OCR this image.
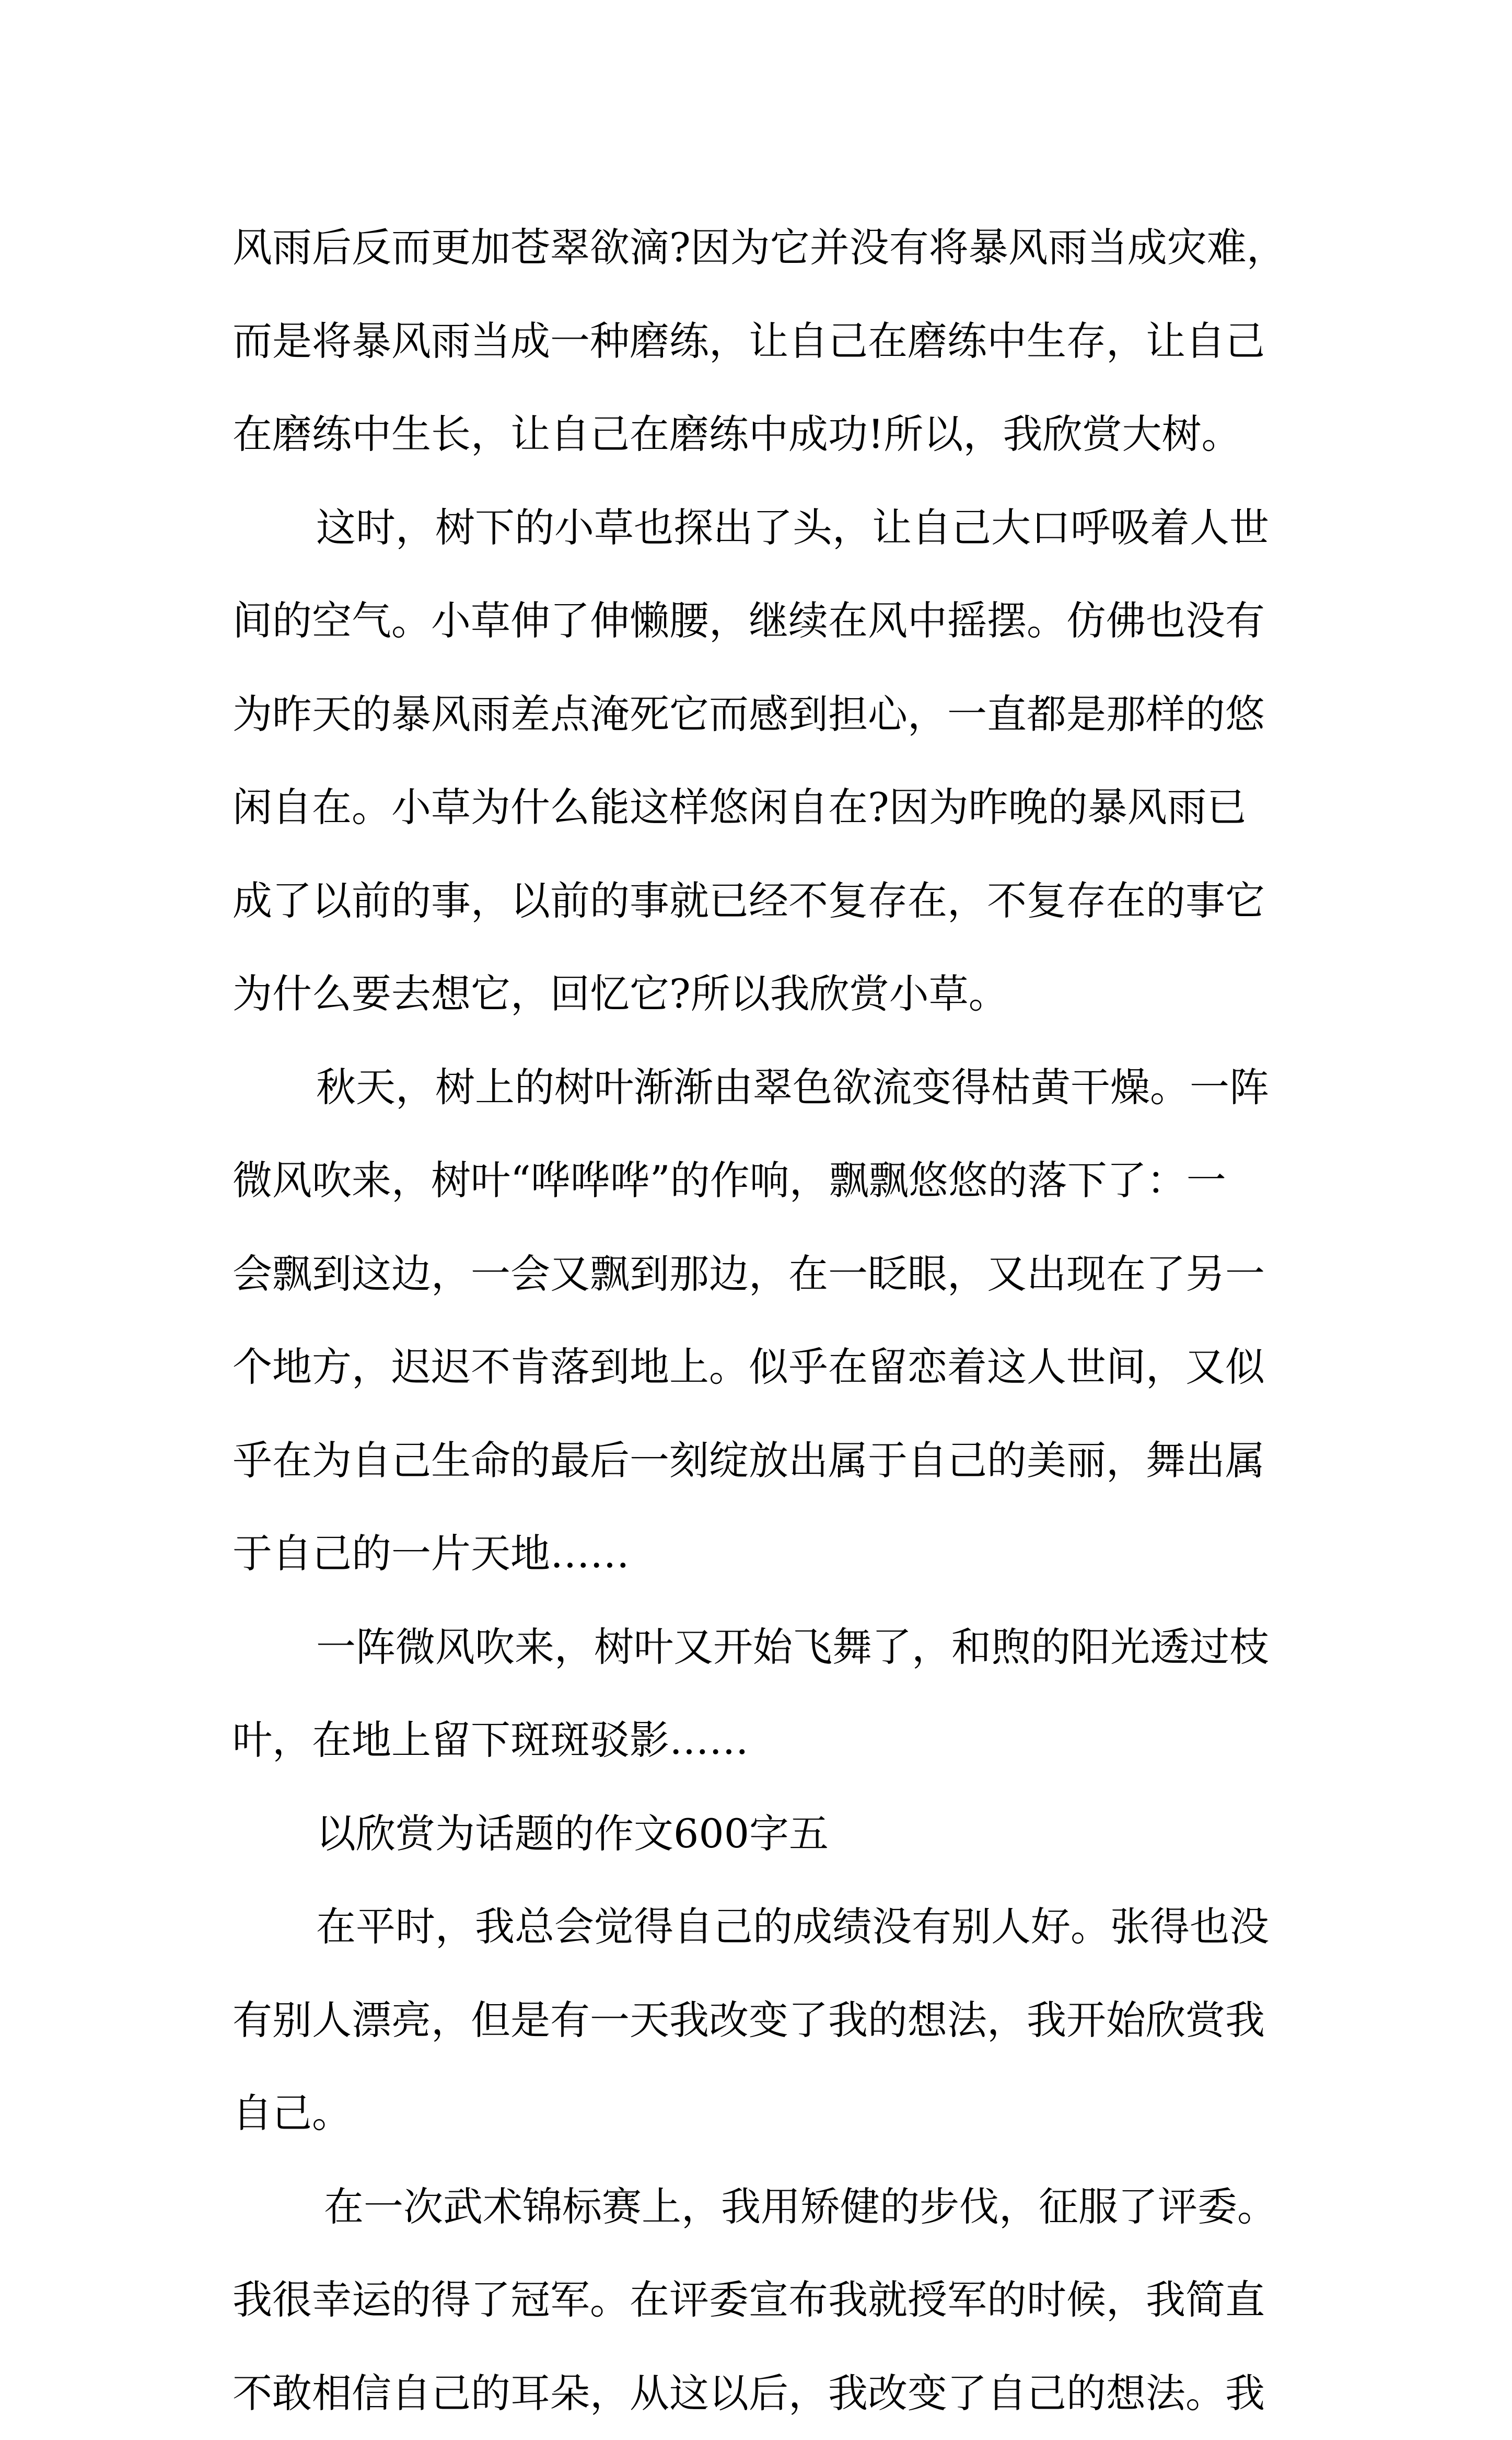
风雨后反而更加苍翠欲滴?因为它并没有将暴风雨当成灾难，
而是将暴风雨当成一种磨练，让自己在磨练中生存，让自己
在磨练中生长，让自己在磨练中成功!所以，我欣赏大树。
这时，树下的小草也探出了头，让自己大口呼吸着人世
间的空气。小草伸了伸懒腰，继续在风中摇摆。仿佛也没有
为昨天的暴风雨差点淹死它而感到担心，一直都是那样的悠
闲自在。小草为什么能这样悠闲自在?因为昨晚的暴风雨已
成了以前的事，以前的事就已经不复存在，不复存在的事它
为什么要去想它，回忆它?所以我欣赏小草。
秋天，树上的树叶渐渐由翠色欲流变得枯黄干燥。一阵
微风吹来，树叶“哗哗哗”的作响，飘飘悠悠的落下了：一
会飘到这边，一会又飘到那边，在一眨眼，又出现在了另一
个地方，迟迟不肯落到地上。似乎在留恋着这人世间，又似
乎在为自己生命的最后一刻绽放出属于自己的美丽，舞出属
于自己的一片天地……
一阵微风吹来，树叶又开始飞舞了，和煦的阳光透过枝
叶，在地上留下斑斑驳影……
以欣赏为话题的作文600字五
在平时，我总会觉得自己的成绩没有别人好。张得也没
有别人漂亮，但是有一天我改变了我的想法，我开始欣赏我
自己。
在一次武术锦标赛上，我用矫健的步伐，征服了评委。
我很幸运的得了冠军。在评委宣布我就授军的时候，我简直
不敢相信自己的耳朵，从这以后，我改变了自己的想法。我
